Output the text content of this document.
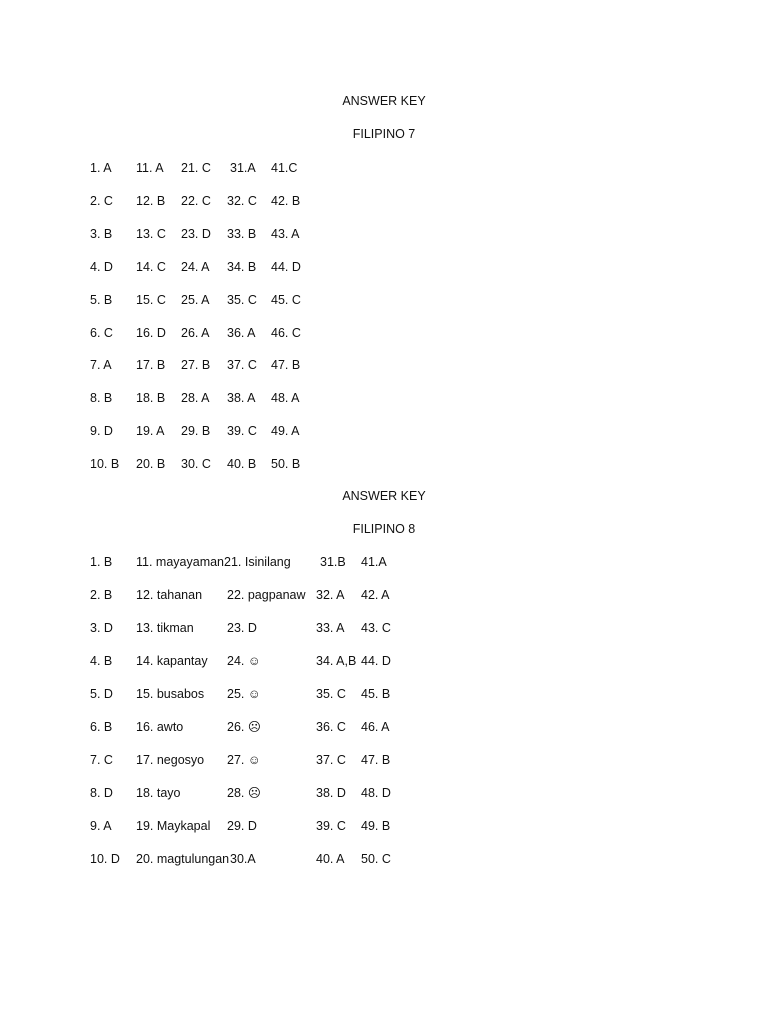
ANSWER KEY
FILIPINO 7
1. A 11. A 21. C 31.A 41.C
2. C 12. B 22. C 32. C 42. B
3. B 13. C 23. D 33. B 43. A
4. D 14. C 24. A 34. B 44. D
5. B 15. C 25. A 35. C 45. C
6. C 16. D 26. A 36. A 46. C
7. A 17. B 27. B 37. C 47. B
8. B 18. B 28. A 38. A 48. A
9. D 19. A 29. B 39. C 49. A
10. B 20. B 30. C 40. B 50. B
ANSWER KEY
FILIPINO 8
1. B 11. mayayaman 21. Isinilang 31.B 41.A
2. B 12. tahanan 22. pagpanaw 32. A 42. A
3. D 13. tikman	23. D	33. A 43. C
4. B 14. kapantay 24. ☺	34. A,B 44. D
5. D 15. busabos 25. ☺	35. C 45. B
6. B 16. awto	26. ☹	36. C 46. A
7. C 17. negosyo 27. ☺	37. C 47. B
8. D 18. tayo	28. ☹	38. D 48. D
9. A 19. Maykapal 29. D	39. C 49. B
10. D 20. magtulungan 30.A	40. A 50. C
